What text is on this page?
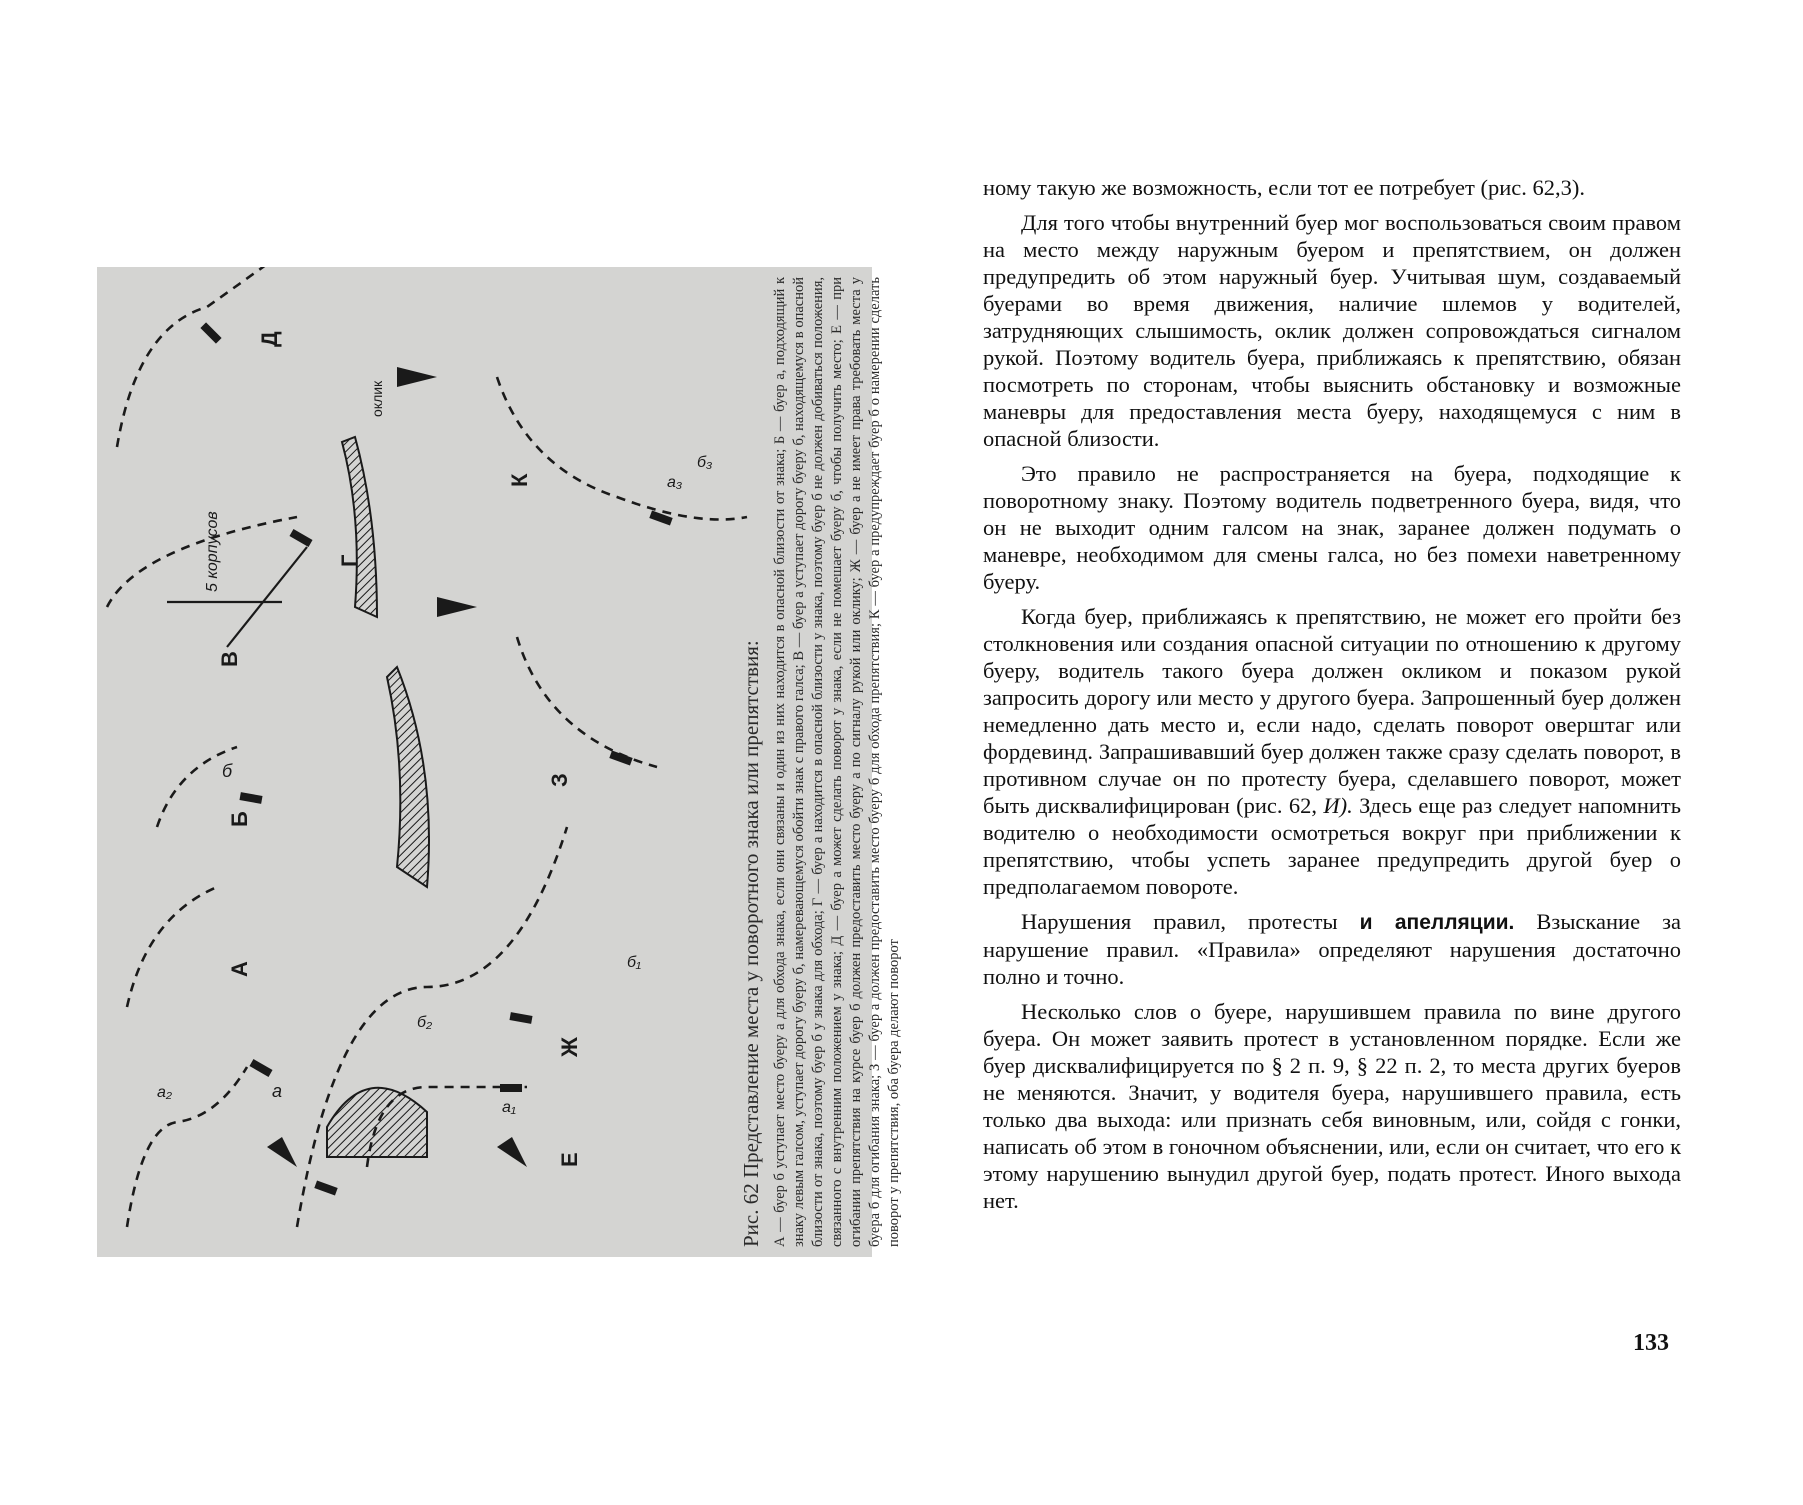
А
Б
В
Г
Д
Е
Ж
З
К
5 корпусов
оклик
а
б
а₁
а₂
б₁
б₂
а₃
б₃

Рис. 62 Представление места у поворотного знака или препятствия: А — буер б уступает место буеру а для обхода знака, если они связаны и один из них находится в опасной близости от знака; Б — буер а, подходящий к знаку левым галсом, уступает дорогу буеру б, намеревающемуся обойти знак с правого галса; В — буер а уступает дорогу буеру б, находящемуся в опасной близости от знака, поэтому буер б у знака для обхода; Г — буер а находится в опасной близости у знака, поэтому буер б не должен добиваться положения, связанного с внутренним положением у знака; Д — буер а может сделать поворот у знака, если не помешает буеру б, чтобы получить место; Е — при огибании препятствия на курсе буер б должен предоставить место буеру а по сигналу рукой или оклику; Ж — буер а не имеет права требовать места у буера б для огибания знака; З — буер а должен предоставить место буеру б для обхода препятствия; К — буер а предупреждает буер б о намерении сделать поворот у препятствия, оба буера делают поворот

ному такую же возможность, если тот ее потребует (рис. 62,3).

Для того чтобы внутренний буер мог воспользоваться своим правом на место между наружным буером и препятствием, он должен предупредить об этом наружный буер. Учитывая шум, создаваемый буерами во время движения, наличие шлемов у водителей, затрудняющих слышимость, оклик должен сопровождаться сигналом рукой. Поэтому водитель буера, приближаясь к препятствию, обязан посмотреть по сторонам, чтобы выяснить обстановку и возможные маневры для предоставления места буеру, находящемуся с ним в опасной близости.

Это правило не распространяется на буера, подходящие к поворотному знаку. Поэтому водитель подветренного буера, видя, что он не выходит одним галсом на знак, заранее должен подумать о маневре, необходимом для смены галса, но без помехи наветренному буеру.

Когда буер, приближаясь к препятствию, не может его пройти без столкновения или создания опасной ситуации по отношению к другому буеру, водитель такого буера должен окликом и показом рукой запросить дорогу или место у другого буера. Запрошенный буер должен немедленно дать место и, если надо, сделать поворот оверштаг или фордевинд. Запрашивавший буер должен также сразу сделать поворот, в противном случае он по протесту буера, сделавшего поворот, может быть дисквалифицирован (рис. 62, И). Здесь еще раз следует напомнить водителю о необходимости осмотреться вокруг при приближении к препятствию, чтобы успеть заранее предупредить другой буер о предполагаемом повороте.

Нарушения правил, протесты и апелляции. Взыскание за нарушение правил. «Правила» определяют нарушения достаточно полно и точно.

Несколько слов о буере, нарушившем правила по вине другого буера. Он может заявить протест в установленном порядке. Если же буер дисквалифицируется по § 2 п. 9, § 22 п. 2, то места других буеров не меняются. Значит, у водителя буера, нарушившего правила, есть только два выхода: или признать себя виновным, или, сойдя с гонки, написать об этом в гоночном объяснении, или, если он считает, что его к этому нарушению вынудил другой буер, подать протест. Иного выхода нет.

133
